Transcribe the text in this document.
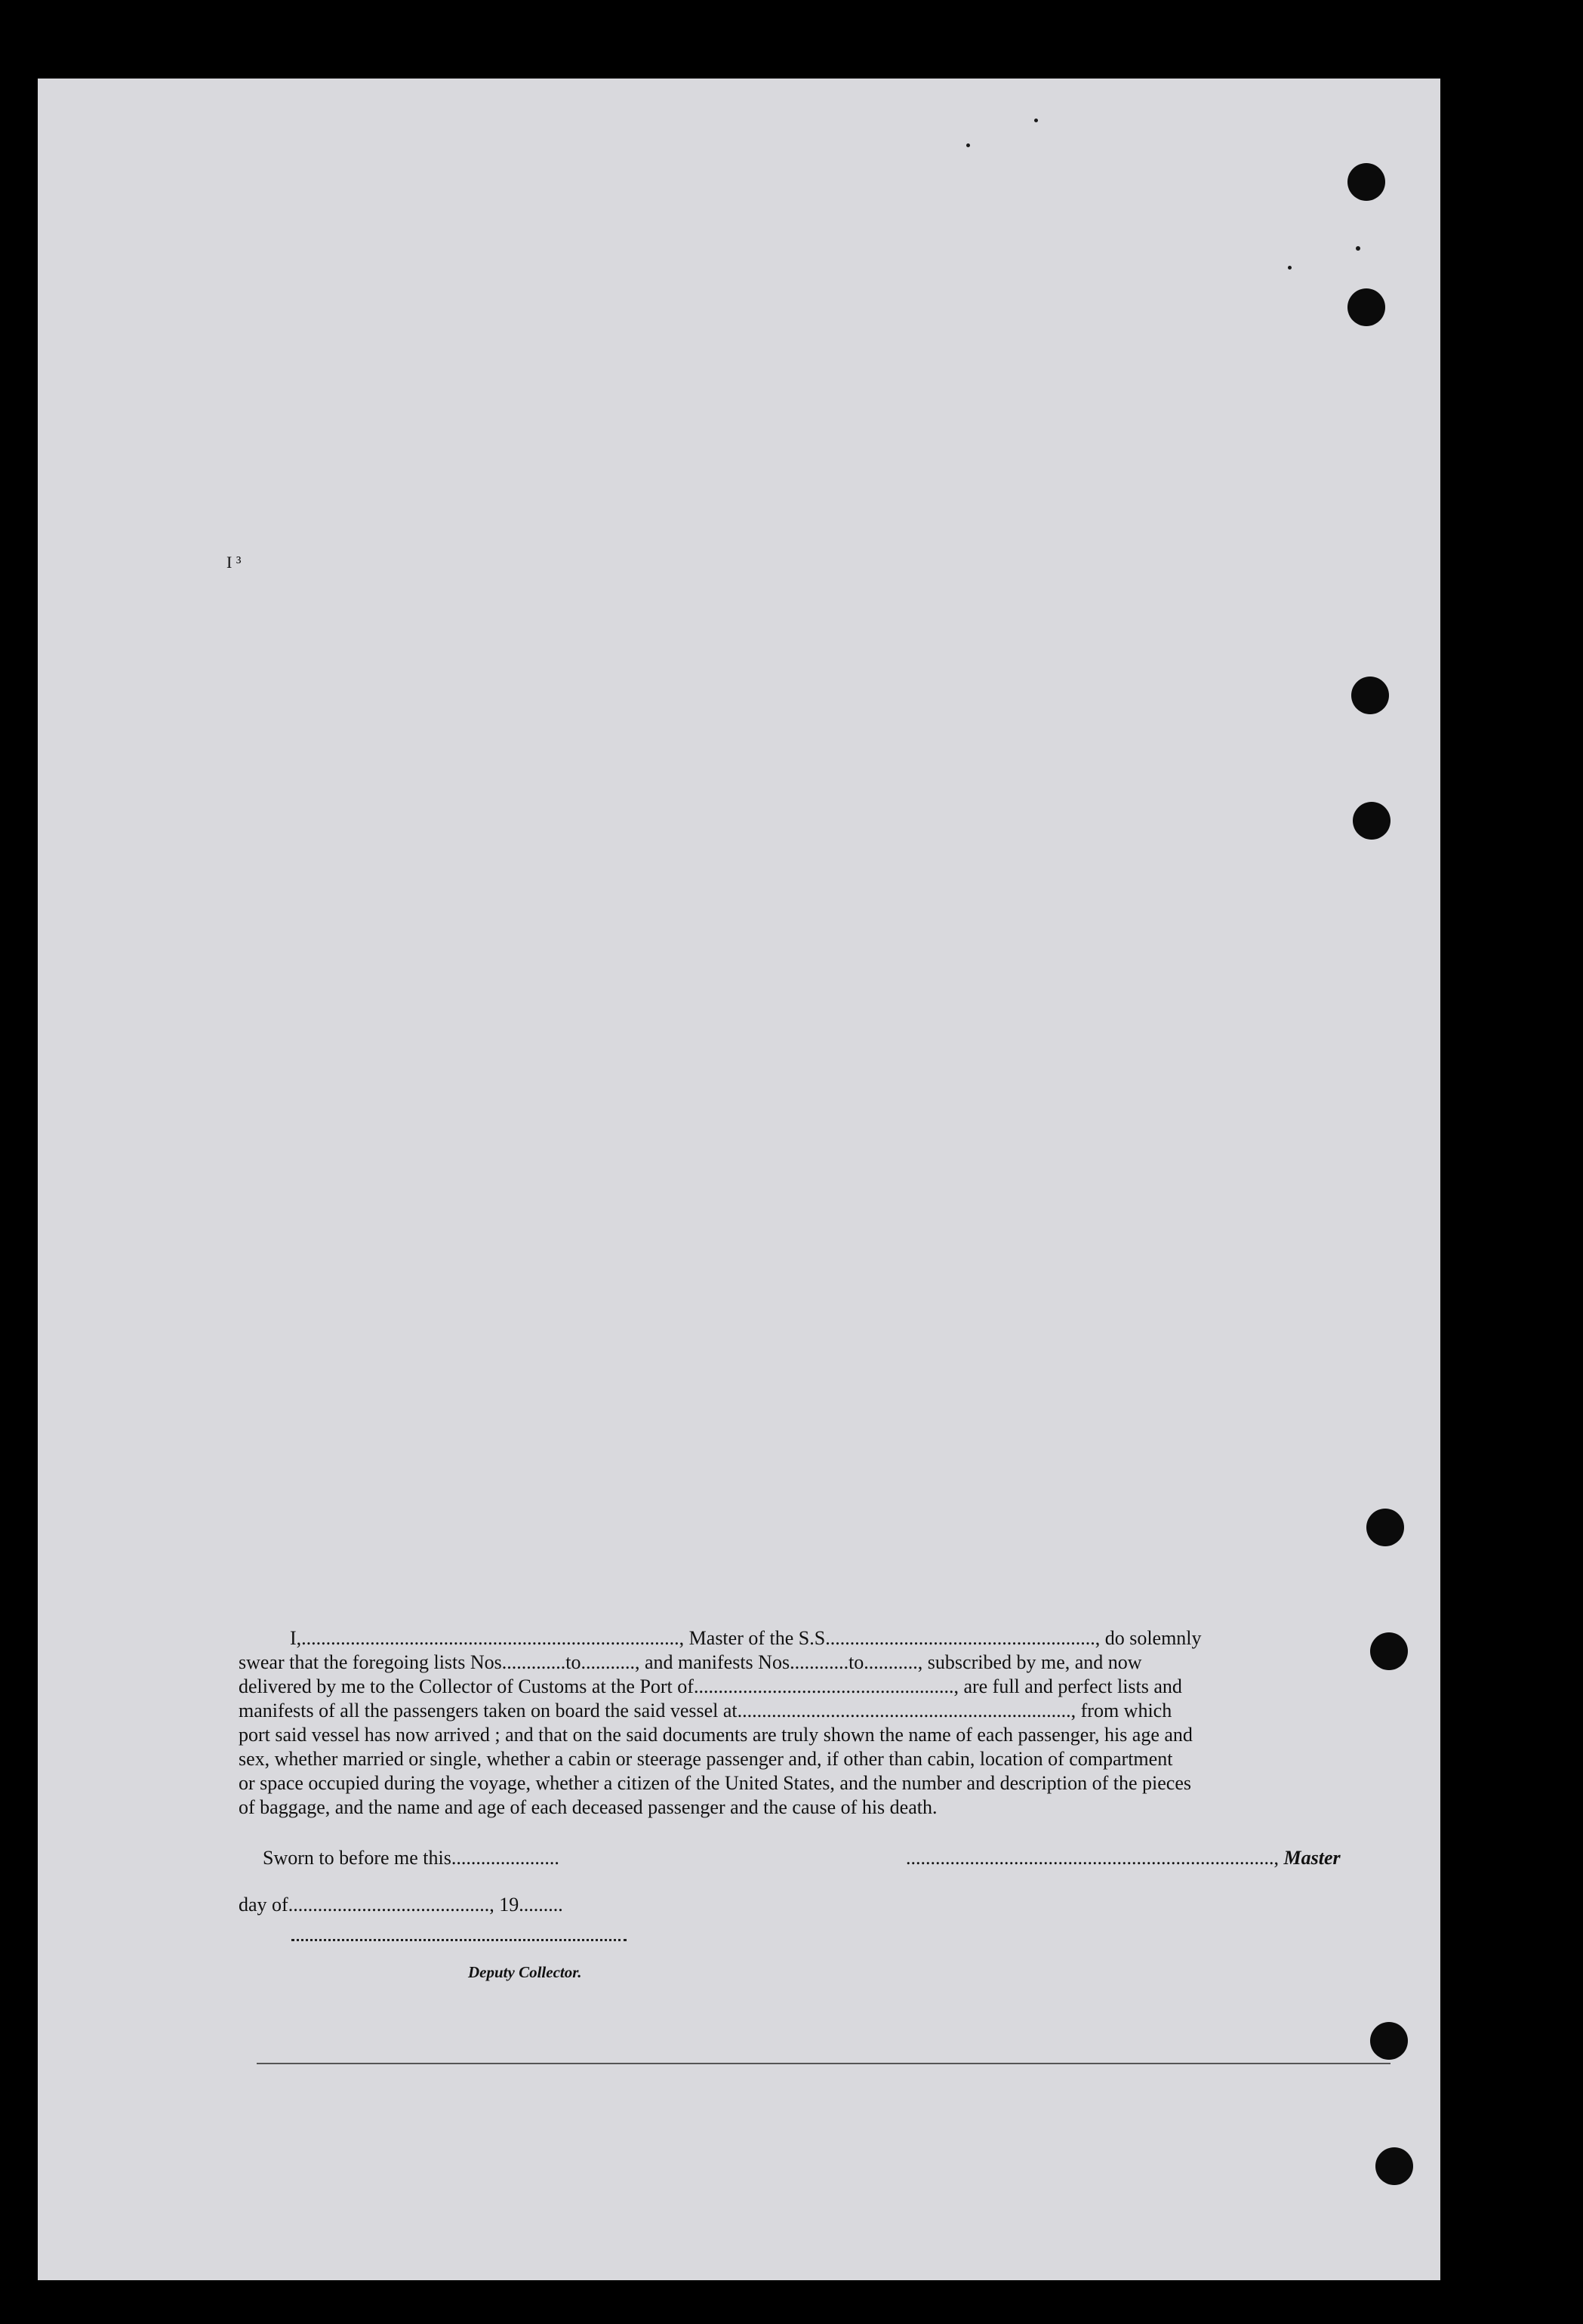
I ³
I,............................................................................., Master of the S.S......................................................., do solemnly
swear that the foregoing lists Nos.............to..........., and manifests Nos............to..........., subscribed by me, and now
delivered by me to the Collector of Customs at the Port of....................................................., are full and perfect lists and
manifests of all the passengers taken on board the said vessel at...................................................................., from which
port said vessel has now arrived ; and that on the said documents are truly shown the name of each passenger, his age and
sex, whether married or single, whether a cabin or steerage passenger and, if other than cabin, location of compartment
or space occupied during the voyage, whether a citizen of the United States, and the number and description of the pieces
of baggage, and the name and age of each deceased passenger and the cause of his death.
Sworn to before me this......................	..........................................................................., Master
day of........................................., 19.........
Deputy Collector.
